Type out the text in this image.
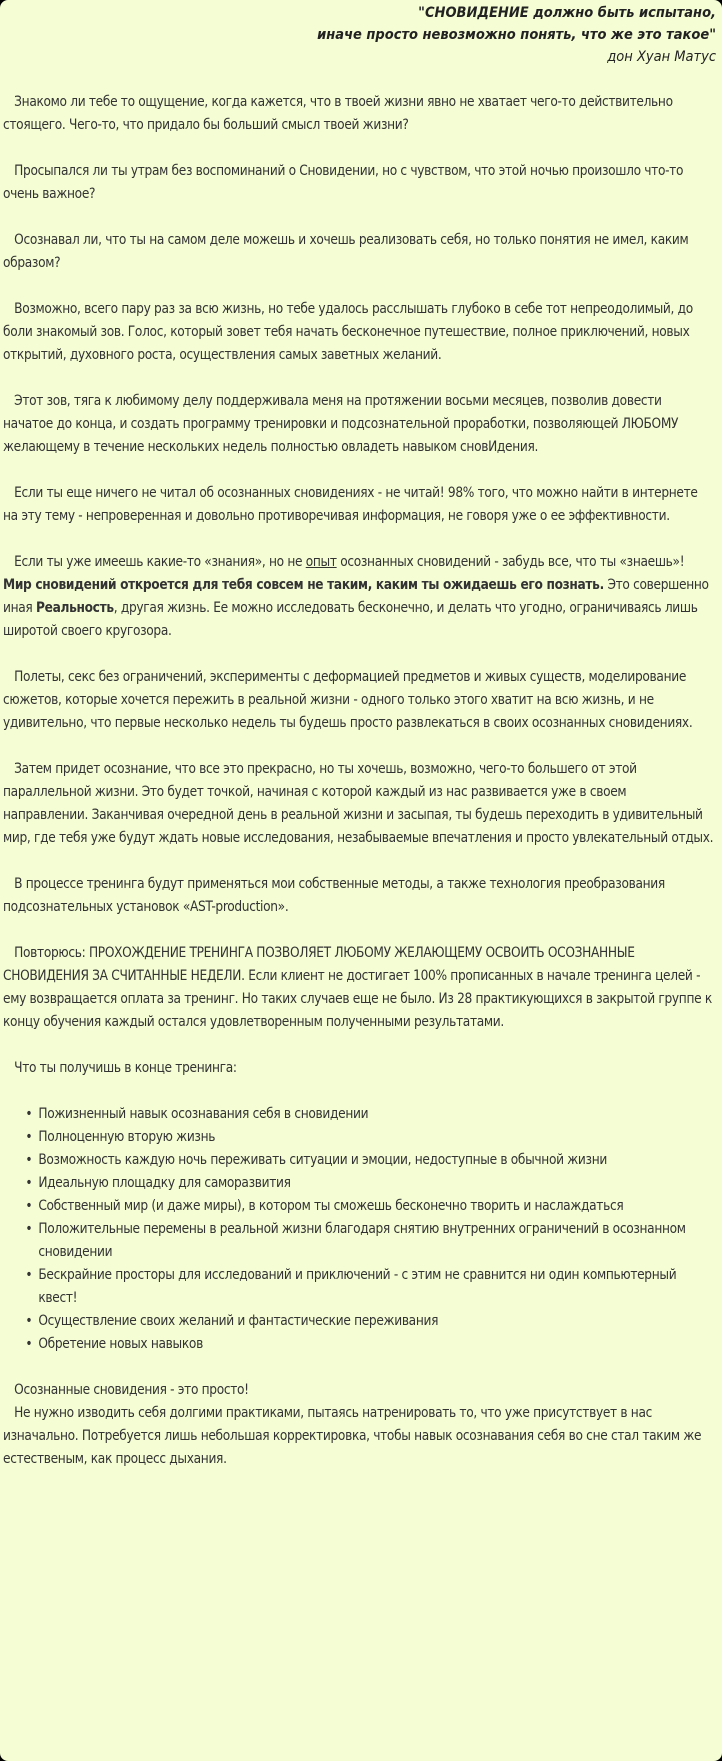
"СНОВИДЕНИЕ должно быть испытано,
иначе просто невозможно понять, что же это такое"
дон Хуан Матус

Знакомо ли тебе то ощущение, когда кажется, что в твоей жизни явно не хватает чего-то действительно стоящего. Чего-то, что придало бы больший смысл твоей жизни?

Просыпался ли ты утрам без воспоминаний о Сновидении, но с чувством, что этой ночью произошло что-то очень важное?

Осознавал ли, что ты на самом деле можешь и хочешь реализовать себя, но только понятия не имел, каким образом?

Возможно, всего пару раз за всю жизнь, но тебе удалось расслышать глубоко в себе тот непреодолимый, до боли знакомый зов. Голос, который зовет тебя начать бесконечное путешествие, полное приключений, новых открытий, духовного роста, осуществления самых заветных желаний.

Этот зов, тяга к любимому делу поддерживала меня на протяжении восьми месяцев, позволив довести начатое до конца, и создать программу тренировки и подсознательной проработки, позволяющей ЛЮБОМУ желающему в течение нескольких недель полностью овладеть навыком сновИдения.

Если ты еще ничего не читал об осознанных сновидениях - не читай! 98% того, что можно найти в интернете на эту тему - непроверенная и довольно противоречивая информация, не говоря уже о ее эффективности.

Если ты уже имеешь какие-то «знания», но не опыт осознанных сновидений - забудь все, что ты «знаешь»! Мир сновидений откроется для тебя совсем не таким, каким ты ожидаешь его познать. Это совершенно иная Реальность, другая жизнь. Ее можно исследовать бесконечно, и делать что угодно, ограничиваясь лишь широтой своего кругозора.

Полеты, секс без ограничений, эксперименты с деформацией предметов и живых существ, моделирование сюжетов, которые хочется пережить в реальной жизни - одного только этого хватит на всю жизнь, и не удивительно, что первые несколько недель ты будешь просто развлекаться в своих осознанных сновидениях.

Затем придет осознание, что все это прекрасно, но ты хочешь, возможно, чего-то большего от этой параллельной жизни. Это будет точкой, начиная с которой каждый из нас развивается уже в своем направлении. Заканчивая очередной день в реальной жизни и засыпая, ты будешь переходить в удивительный мир, где тебя уже будут ждать новые исследования, незабываемые впечатления и просто увлекательный отдых.

В процессе тренинга будут применяться мои собственные методы, а также технология преобразования подсознательных установок «AST-production».

Повторюсь: ПРОХОЖДЕНИЕ ТРЕНИНГА ПОЗВОЛЯЕТ ЛЮБОМУ ЖЕЛАЮЩЕМУ ОСВОИТЬ ОСОЗНАННЫЕ СНОВИДЕНИЯ ЗА СЧИТАННЫЕ НЕДЕЛИ. Если клиент не достигает 100% прописанных в начале тренинга целей - ему возвращается оплата за тренинг. Но таких случаев еще не было. Из 28 практикующихся в закрытой группе к концу обучения каждый остался удовлетворенным полученными результатами.

Что ты получишь в конце тренинга:

• Пожизненный навык осознавания себя в сновидении
• Полноценную вторую жизнь
• Возможность каждую ночь переживать ситуации и эмоции, недоступные в обычной жизни
• Идеальную площадку для саморазвития
• Собственный мир (и даже миры), в котором ты сможешь бесконечно творить и наслаждаться
• Положительные перемены в реальной жизни благодаря снятию внутренних ограничений в осознанном сновидении
• Бескрайние просторы для исследований и приключений - с этим не сравнится ни один компьютерный квест!
• Осуществление своих желаний и фантастические переживания
• Обретение новых навыков

Осознанные сновидения - это просто!

Не нужно изводить себя долгими практиками, пытаясь натренировать то, что уже присутствует в нас изначально. Потребуется лишь небольшая корректировка, чтобы навык осознавания себя во сне стал таким же естественым, как процесс дыхания.
